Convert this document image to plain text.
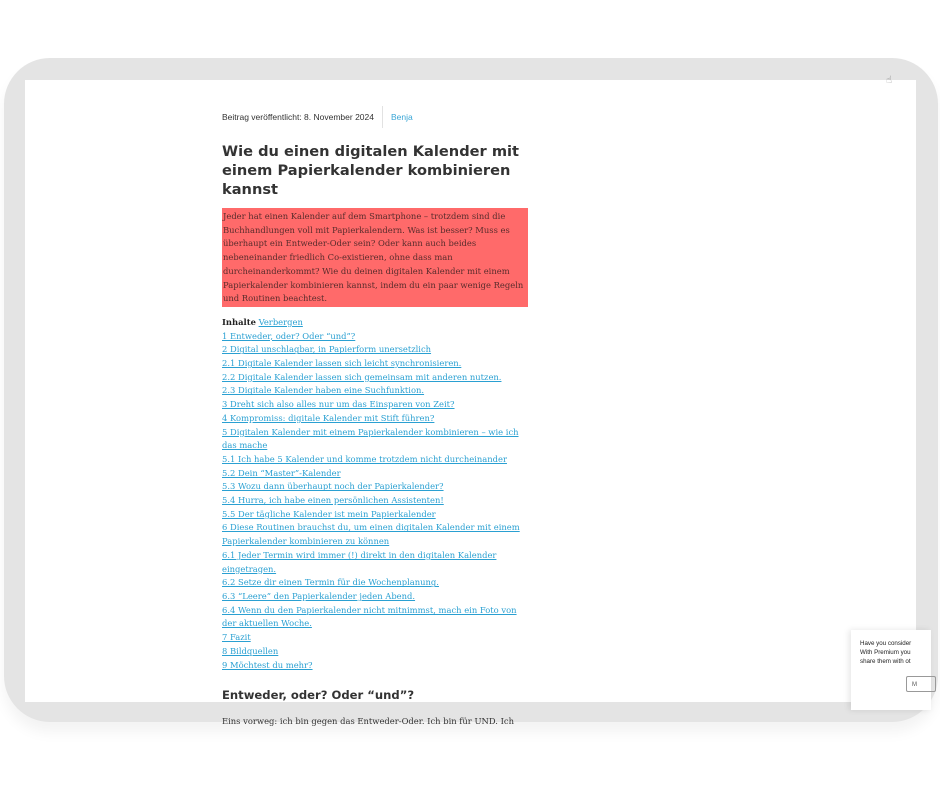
☝
Beitrag veröffentlicht: 8. November 2024 Benja
Wie du einen digitalen Kalender mit einem Papierkalender kombinieren kannst
Jeder hat einen Kalender auf dem Smartphone – trotzdem sind die Buchhandlungen voll mit Papierkalendern. Was ist besser? Muss es überhaupt ein Entweder-Oder sein? Oder kann auch beides nebeneinander friedlich Co-existieren, ohne dass man durcheinanderkommt? Wie du deinen digitalen Kalender mit einem Papierkalender kombinieren kannst, indem du ein paar wenige Regeln und Routinen beachtest.
Inhalte Verbergen
1 Entweder, oder? Oder “und”?
2 Digital unschlagbar, in Papierform unersetzlich
2.1 Digitale Kalender lassen sich leicht synchronisieren.
2.2 Digitale Kalender lassen sich gemeinsam mit anderen nutzen.
2.3 Digitale Kalender haben eine Suchfunktion.
3 Dreht sich also alles nur um das Einsparen von Zeit?
4 Kompromiss: digitale Kalender mit Stift führen?
5 Digitalen Kalender mit einem Papierkalender kombinieren – wie ich das mache
5.1 Ich habe 5 Kalender und komme trotzdem nicht durcheinander
5.2 Dein “Master”-Kalender
5.3 Wozu dann überhaupt noch der Papierkalender?
5.4 Hurra, ich habe einen persönlichen Assistenten!
5.5 Der tägliche Kalender ist mein Papierkalender
6 Diese Routinen brauchst du, um einen digitalen Kalender mit einem Papierkalender kombinieren zu können
6.1 Jeder Termin wird immer (!) direkt in den digitalen Kalender eingetragen.
6.2 Setze dir einen Termin für die Wochenplanung.
6.3 “Leere” den Papierkalender jeden Abend.
6.4 Wenn du den Papierkalender nicht mitnimmst, mach ein Foto von der aktuellen Woche.
7 Fazit
8 Bildquellen
9 Möchtest du mehr?
Entweder, oder? Oder “und”?
Eins vorweg: ich bin gegen das Entweder-Oder. Ich bin für UND. Ich
Have you consider
With Premium you
share them with ot
M
